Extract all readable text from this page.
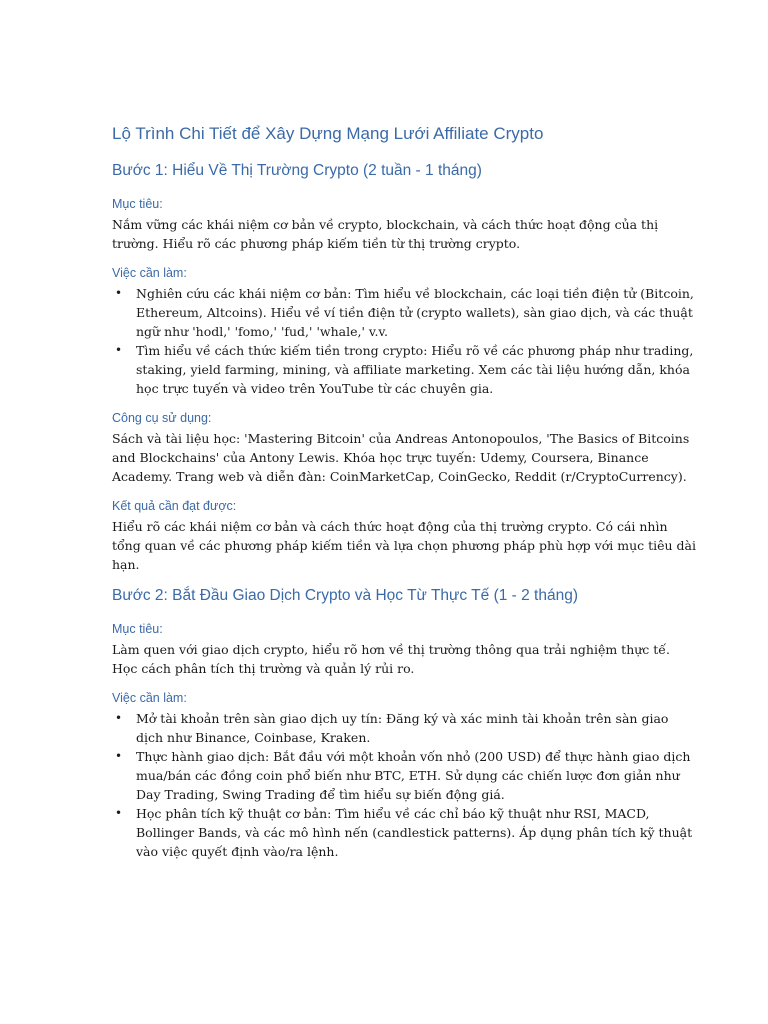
Lộ Trình Chi Tiết để Xây Dựng Mạng Lưới Affiliate Crypto
Bước 1: Hiểu Về Thị Trường Crypto (2 tuần - 1 tháng)
Mục tiêu:

Nắm vững các khái niệm cơ bản về crypto, blockchain, và cách thức hoạt động của thị trường. Hiểu rõ các phương pháp kiếm tiền từ thị trường crypto.

Việc cần làm:
• Nghiên cứu các khái niệm cơ bản: Tìm hiểu về blockchain, các loại tiền điện tử (Bitcoin, Ethereum, Altcoins). Hiểu về ví tiền điện tử (crypto wallets), sàn giao dịch, và các thuật ngữ như 'hodl,' 'fomo,' 'fud,' 'whale,' v.v.
• Tìm hiểu về cách thức kiếm tiền trong crypto: Hiểu rõ về các phương pháp như trading, staking, yield farming, mining, và affiliate marketing. Xem các tài liệu hướng dẫn, khóa học trực tuyến và video trên YouTube từ các chuyên gia.
Công cụ sử dụng:

Sách và tài liệu học: 'Mastering Bitcoin' của Andreas Antonopoulos, 'The Basics of Bitcoins and Blockchains' của Antony Lewis. Khóa học trực tuyến: Udemy, Coursera, Binance Academy. Trang web và diễn đàn: CoinMarketCap, CoinGecko, Reddit (r/CryptoCurrency).

Kết quả cần đạt được:

Hiểu rõ các khái niệm cơ bản và cách thức hoạt động của thị trường crypto. Có cái nhìn tổng quan về các phương pháp kiếm tiền và lựa chọn phương pháp phù hợp với mục tiêu dài hạn.

Bước 2: Bắt Đầu Giao Dịch Crypto và Học Từ Thực Tế (1 - 2 tháng)
Mục tiêu:

Làm quen với giao dịch crypto, hiểu rõ hơn về thị trường thông qua trải nghiệm thực tế. Học cách phân tích thị trường và quản lý rủi ro.

Việc cần làm:
• Mở tài khoản trên sàn giao dịch uy tín: Đăng ký và xác minh tài khoản trên sàn giao dịch như Binance, Coinbase, Kraken.
• Thực hành giao dịch: Bắt đầu với một khoản vốn nhỏ (200 USD) để thực hành giao dịch mua/bán các đồng coin phổ biến như BTC, ETH. Sử dụng các chiến lược đơn giản như Day Trading, Swing Trading để tìm hiểu sự biến động giá.
• Học phân tích kỹ thuật cơ bản: Tìm hiểu về các chỉ báo kỹ thuật như RSI, MACD, Bollinger Bands, và các mô hình nến (candlestick patterns). Áp dụng phân tích kỹ thuật vào việc quyết định vào/ra lệnh.
